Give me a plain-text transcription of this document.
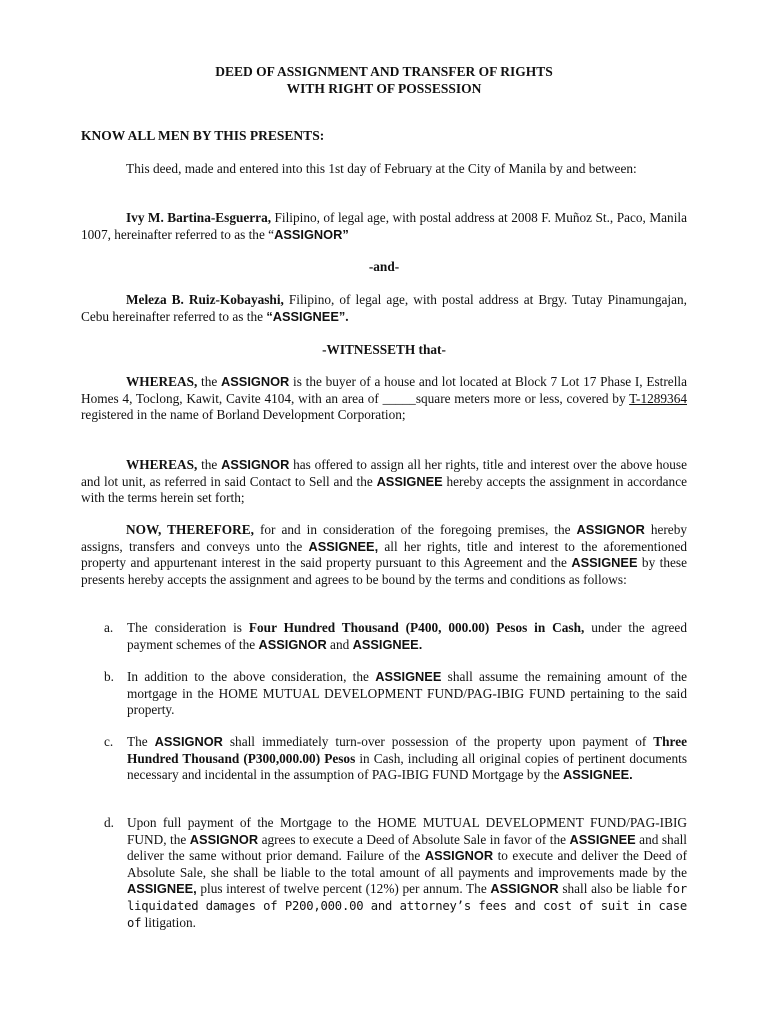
DEED OF ASSIGNMENT AND TRANSFER OF RIGHTS
WITH RIGHT OF POSSESSION
KNOW ALL MEN BY THIS PRESENTS:

This deed, made and entered into this 1st day of February at the City of Manila by and between:

Ivy M. Bartina-Esguerra, Filipino, of legal age, with postal address at 2008 F. Muñoz St., Paco, Manila 1007, hereinafter referred to as the “ASSIGNOR”

-and-

Meleza B. Ruiz-Kobayashi, Filipino, of legal age, with postal address at Brgy. Tutay Pinamungajan, Cebu hereinafter referred to as the “ASSIGNEE”.

-WITNESSETH that-

WHEREAS, the ASSIGNOR is the buyer of a house and lot located at Block 7 Lot 17 Phase I, Estrella Homes 4, Toclong, Kawit, Cavite 4104, with an area of _____square meters more or less, covered by T-1289364 registered in the name of Borland Development Corporation;

WHEREAS, the ASSIGNOR has offered to assign all her rights, title and interest over the above house and lot unit, as referred in said Contact to Sell and the ASSIGNEE hereby accepts the assignment in accordance with the terms herein set forth;

NOW, THEREFORE, for and in consideration of the foregoing premises, the ASSIGNOR hereby assigns, transfers and conveys unto the ASSIGNEE, all her rights, title and interest to the aforementioned property and appurtenant interest in the said property pursuant to this Agreement and the ASSIGNEE by these presents hereby accepts the assignment and agrees to be bound by the terms and conditions as follows:

a. The consideration is Four Hundred Thousand (P400, 000.00) Pesos in Cash, under the agreed payment schemes of the ASSIGNOR and ASSIGNEE.
b. In addition to the above consideration, the ASSIGNEE shall assume the remaining amount of the mortgage in the HOME MUTUAL DEVELOPMENT FUND/PAG-IBIG FUND pertaining to the said property.
c. The ASSIGNOR shall immediately turn-over possession of the property upon payment of Three Hundred Thousand (P300,000.00) Pesos in Cash, including all original copies of pertinent documents necessary and incidental in the assumption of PAG-IBIG FUND Mortgage by the ASSIGNEE.
d. Upon full payment of the Mortgage to the HOME MUTUAL DEVELOPMENT FUND/PAG-IBIG FUND, the ASSIGNOR agrees to execute a Deed of Absolute Sale in favor of the ASSIGNEE and shall deliver the same without prior demand. Failure of the ASSIGNOR to execute and deliver the Deed of Absolute Sale, she shall be liable to the total amount of all payments and improvements made by the ASSIGNEE, plus interest of twelve percent (12%) per annum. The ASSIGNOR shall also be liable for liquidated damages of P200,000.00 and attorney’s fees and cost of suit in case of litigation.
